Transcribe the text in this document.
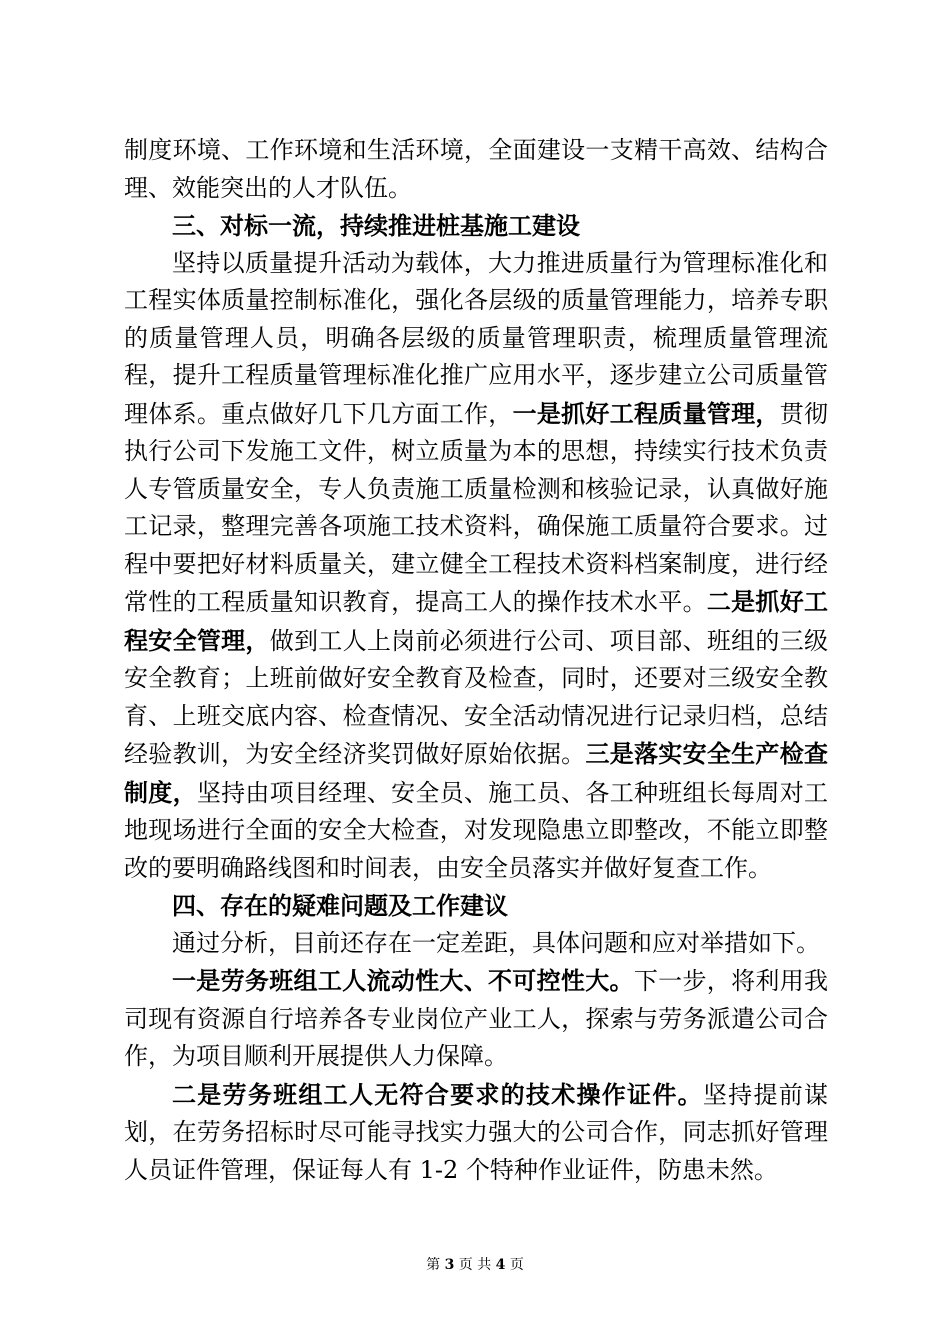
制度环境、工作环境和生活环境，全面建设一支精干高效、结构合理、效能突出的人才队伍。

三、对标一流，持续推进桩基施工建设

坚持以质量提升活动为载体，大力推进质量行为管理标准化和工程实体质量控制标准化，强化各层级的质量管理能力，培养专职的质量管理人员，明确各层级的质量管理职责，梳理质量管理流程，提升工程质量管理标准化推广应用水平，逐步建立公司质量管理体系。重点做好几下几方面工作，一是抓好工程质量管理，贯彻执行公司下发施工文件，树立质量为本的思想，持续实行技术负责人专管质量安全，专人负责施工质量检测和核验记录，认真做好施工记录，整理完善各项施工技术资料，确保施工质量符合要求。过程中要把好材料质量关，建立健全工程技术资料档案制度，进行经常性的工程质量知识教育，提高工人的操作技术水平。二是抓好工程安全管理，做到工人上岗前必须进行公司、项目部、班组的三级安全教育；上班前做好安全教育及检查，同时，还要对三级安全教育、上班交底内容、检查情况、安全活动情况进行记录归档，总结经验教训，为安全经济奖罚做好原始依据。三是落实安全生产检查制度，坚持由项目经理、安全员、施工员、各工种班组长每周对工地现场进行全面的安全大检查，对发现隐患立即整改，不能立即整改的要明确路线图和时间表，由安全员落实并做好复查工作。

四、存在的疑难问题及工作建议

通过分析，目前还存在一定差距，具体问题和应对举措如下。

一是劳务班组工人流动性大、不可控性大。下一步，将利用我司现有资源自行培养各专业岗位产业工人，探索与劳务派遣公司合作，为项目顺利开展提供人力保障。

二是劳务班组工人无符合要求的技术操作证件。坚持提前谋划，在劳务招标时尽可能寻找实力强大的公司合作，同志抓好管理人员证件管理，保证每人有 1-2 个特种作业证件，防患未然。

第 3 页 共 4 页
